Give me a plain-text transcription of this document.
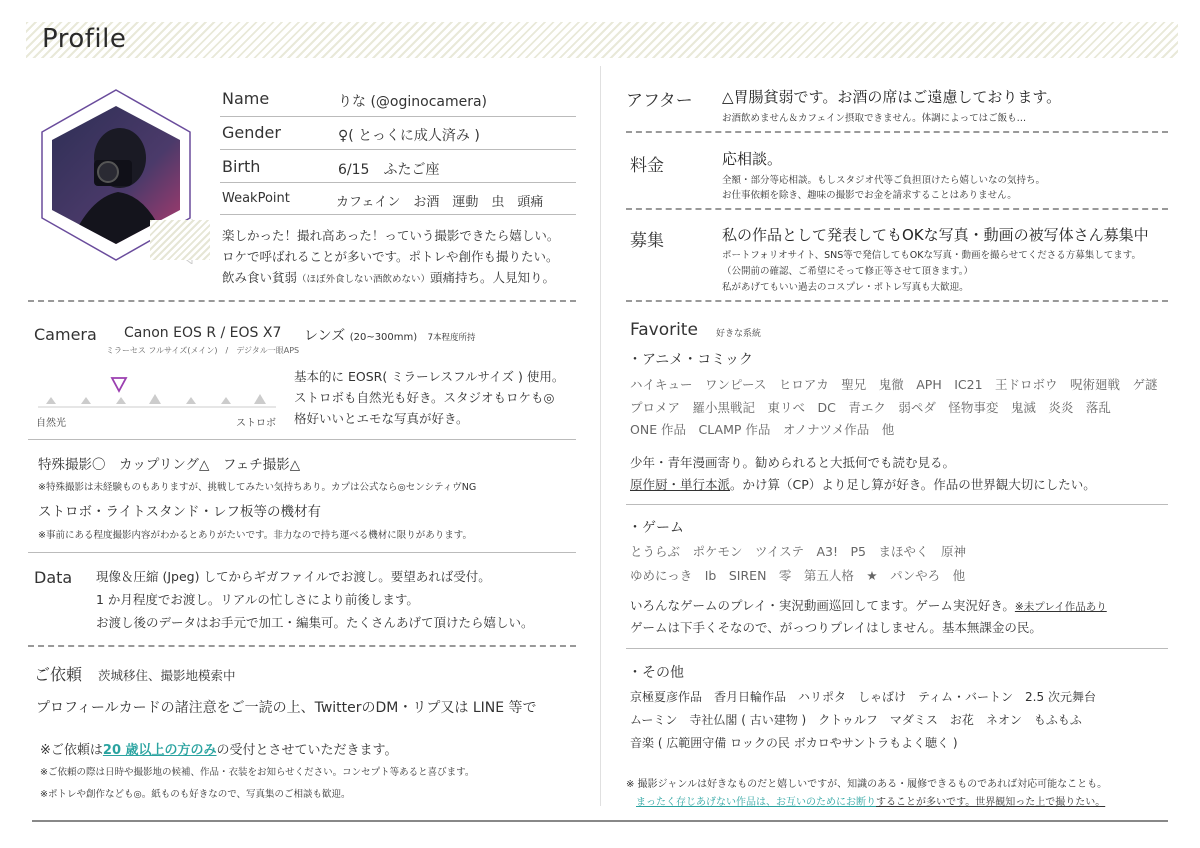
Profile
Name	りな (@oginocamera)
Gender	♀( とっくに成人済み )
Birth	6/15　ふたご座
WeakPoint	カフェイン　お酒　運動　虫　頭痛
楽しかった！撮れ高あった！っていう撮影できたら嬉しい。
ロケで呼ばれることが多いです。ポトレや創作も撮りたい。
飲み食い貧弱（ほぼ外食しない酒飲めない）頭痛持ち。人見知り。
Camera Canon EOS R / EOS X7
ミラーセス フルサイズ(メイン)　/　デジタル一眼APS
レンズ (20~300mm) 7本程度所持
自然光	ストロボ
基本的に EOSR( ミラーレスフルサイズ ) 使用。
ストロボも自然光も好き。スタジオもロケも◎
格好いいとエモな写真が好き。
特殊撮影〇　カップリング△　フェチ撮影△
※特殊撮影は未経験ものもありますが、挑戦してみたい気持ちあり。カプは公式なら◎センシティヴNG
ストロボ・ライトスタンド・レフ板等の機材有
※事前にある程度撮影内容がわかるとありがたいです。非力なので持ち運べる機材に限りがあります。
Data 現像＆圧縮 (Jpeg) してからギガファイルでお渡し。要望あれば受付。
1 か月程度でお渡し。リアルの忙しさにより前後します。
お渡し後のデータはお手元で加工・編集可。たくさんあげて頂けたら嬉しい。
ご依頼 茨城移住、撮影地模索中
プロフィールカードの諸注意をご一読の上、TwitterのDM・リプ又は LINE 等で
※ご依頼は20 歳以上の方のみの受付とさせていただきます。
※ご依頼の際は日時や撮影地の候補、作品・衣装をお知らせください。コンセプト等あると喜びます。
※ポトレや創作なども◎。紙ものも好きなので、写真集のご相談も歓迎。
アフター △胃腸貧弱です。お酒の席はご遠慮しております。
お酒飲めません＆カフェイン摂取できません。体調によってはご飯も…
料金	応相談。
全額・部分等応相談。もしスタジオ代等ご負担頂けたら嬉しいなの気持ち。
お仕事依頼を除き、趣味の撮影でお金を請求することはありません。
募集	私の作品として発表してもOKな写真・動画の被写体さん募集中
ポートフォリオサイト、SNS等で発信してもOKな写真・動画を撮らせてくださる方募集してます。
（公開前の確認、ご希望にそって修正等させて頂きます。）
私があげてもいい過去のコスプレ・ポトレ写真も大歓迎。
Favorite 好きな系統
・アニメ・コミック
ハイキュー　ワンピース　ヒロアカ　聖兄　鬼徹　APH　IC21　王ドロボウ　呪術廻戦　ゲ謎
プロメア　羅小黒戦記　東リべ　DC　青エク　弱ペダ　怪物事変　鬼滅　炎炎　落乱
ONE 作品　CLAMP 作品　オノナツメ作品　他
少年・青年漫画寄り。勧められると大抵何でも読む見る。
原作厨・単行本派。かけ算（CP）より足し算が好き。作品の世界観大切にしたい。
・ゲーム
とうらぶ　ポケモン　ツイステ　A3!　P5　まほやく　原神
ゆめにっき　Ib　SIREN　零　第五人格　★　パンやろ　他
いろんなゲームのプレイ・実況動画巡回してます。ゲーム実況好き。※未プレイ作品あり
ゲームは下手くそなので、がっつりプレイはしません。基本無課金の民。
・その他
京極夏彦作品　香月日輪作品　ハリポタ　しゃばけ　ティム・バートン　2.5 次元舞台
ムーミン　寺社仏閣 ( 古い建物 )　クトゥルフ　マダミス　お花　ネオン　もふもふ
音楽 ( 広範囲守備 ロックの民 ボカロやサントラもよく聴く )
※ 撮影ジャンルは好きなものだと嬉しいですが、知識のある・履修できるものであれば対応可能なことも。
まったく存じあげない作品は、お互いのためにお断りすることが多いです。世界観知った上で撮りたい。
